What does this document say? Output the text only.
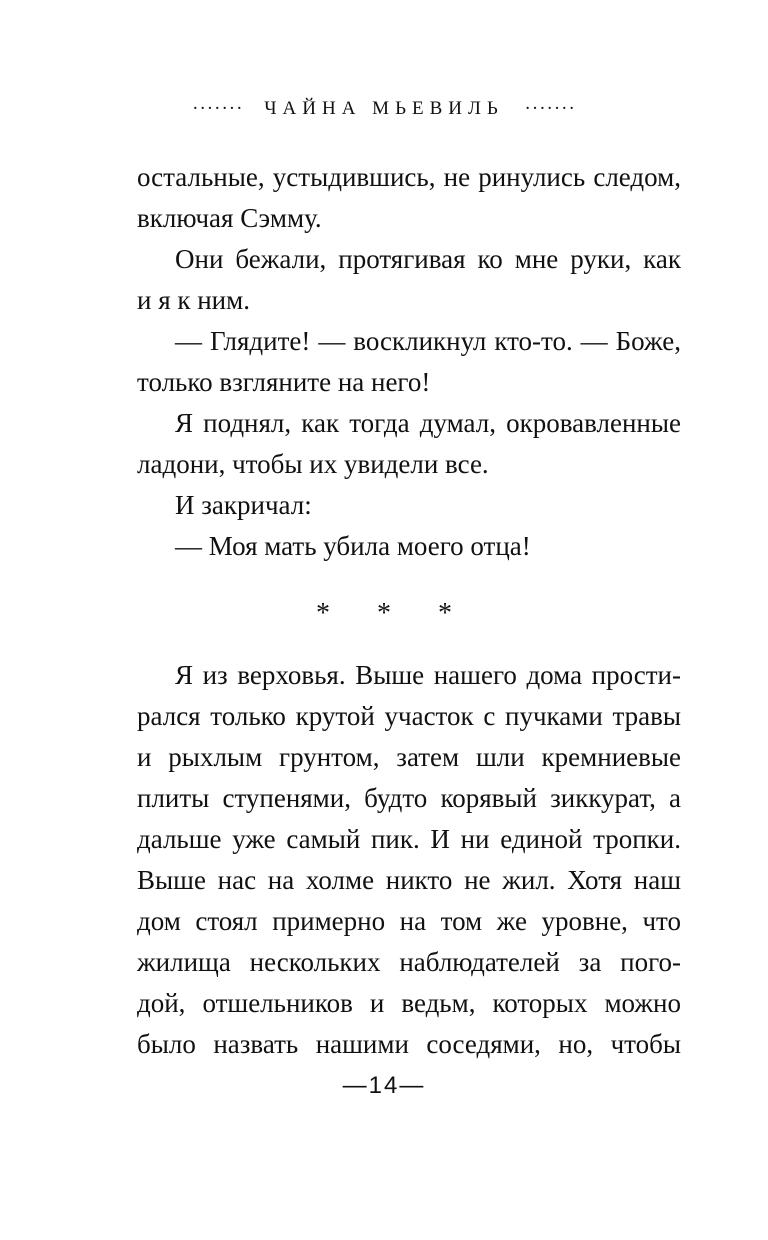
······· ЧАЙНА МЬЕВИЛЬ ·······

остальные, устыдившись, не ринулись следом,

включая Сэмму.

Они бежали, протягивая ко мне руки, как

и я к ним.

— Глядите! — воскликнул кто-то. — Боже,

только взгляните на него!

Я поднял, как тогда думал, окровавленные

ладони, чтобы их увидели все.

И закричал:

— Моя мать убила моего отца!

* * *

Я из верховья. Выше нашего дома прости-

рался только крутой участок с пучками травы

и рыхлым грунтом, затем шли кремниевые

плиты ступенями, будто корявый зиккурат, а

дальше уже самый пик. И ни единой тропки.

Выше нас на холме никто не жил. Хотя наш

дом стоял примерно на том же уровне, что

жилища нескольких наблюдателей за пого-

дой, отшельников и ведьм, которых можно

было назвать нашими соседями, но, чтобы

—14—
